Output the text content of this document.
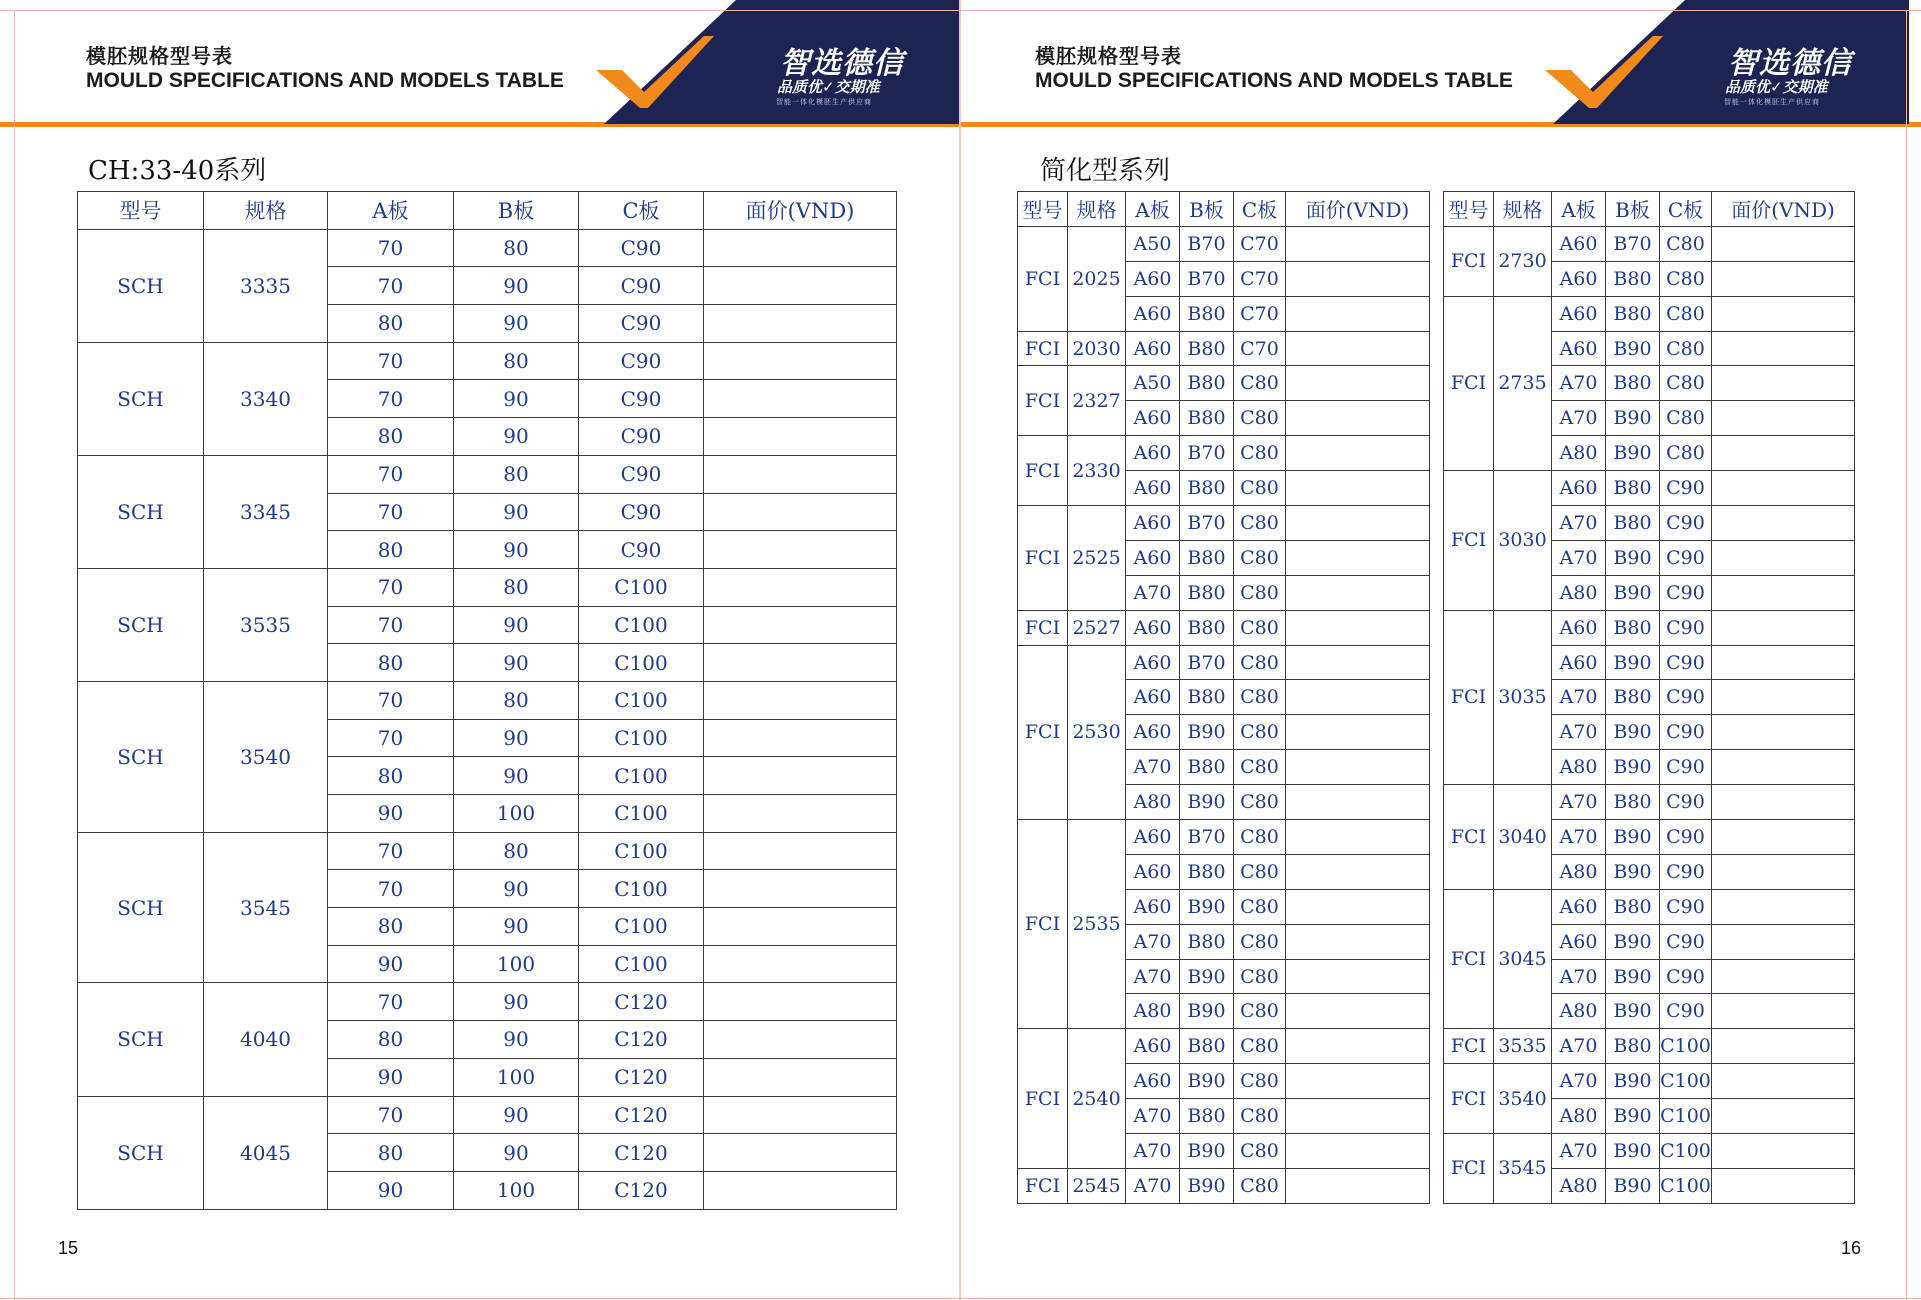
模胚规格型号表
MOULD SPECIFICATIONS AND MODELS TABLE	智选德信
品质优✓交期准
智能一体化模胚生产供应商
CH:33-40系列
型号	规格	A板	B板	C板	面价(VND)
SCH	3335	70	80	C90	
		70	90	C90	
		80	90	C90	
SCH	3340	70	80	C90	
		70	90	C90	
		80	90	C90	
SCH	3345	70	80	C90	
		70	90	C90	
		80	90	C90	
SCH	3535	70	80	C100	
		70	90	C100	
		80	90	C100	
SCH	3540	70	80	C100	
		70	90	C100	
		80	90	C100	
		90	100	C100	
SCH	3545	70	80	C100	
		70	90	C100	
		80	90	C100	
		90	100	C100	
SCH	4040	70	90	C120	
		80	90	C120	
		90	100	C120	
SCH	4045	70	90	C120	
		80	90	C120	
		90	100	C120	
15
模胚规格型号表
MOULD SPECIFICATIONS AND MODELS TABLE	智选德信
品质优✓交期准
智能一体化模胚生产供应商
简化型系列
型号	规格	A板	B板	C板	面价(VND)
FCI	2025	A50	B70	C70	
		A60	B70	C70	
		A60	B80	C70	
FCI	2030	A60	B80	C70	
FCI	2327	A50	B80	C80	
		A60	B80	C80	
FCI	2330	A60	B70	C80	
		A60	B80	C80	
FCI	2525	A60	B70	C80	
		A60	B80	C80	
		A70	B80	C80	
FCI	2527	A60	B80	C80	
FCI	2530	A60	B70	C80	
		A60	B80	C80	
		A60	B90	C80	
		A70	B80	C80	
		A80	B90	C80	
FCI	2535	A60	B70	C80	
		A60	B80	C80	
		A60	B90	C80	
		A70	B80	C80	
		A70	B90	C80	
		A80	B90	C80	
FCI	2540	A60	B80	C80	
		A60	B90	C80	
		A70	B80	C80	
		A70	B90	C80	
FCI	2545	A70	B90	C80	
型号	规格	A板	B板	C板	面价(VND)
FCI	2730	A60	B70	C80	
		A60	B80	C80	
FCI	2735	A60	B80	C80	
		A60	B90	C80	
		A70	B80	C80	
		A70	B90	C80	
		A80	B90	C80	
FCI	3030	A60	B80	C90	
		A70	B80	C90	
		A70	B90	C90	
		A80	B90	C90	
FCI	3035	A60	B80	C90	
		A60	B90	C90	
		A70	B80	C90	
		A70	B90	C90	
		A80	B90	C90	
FCI	3040	A70	B80	C90	
		A70	B90	C90	
		A80	B90	C90	
FCI	3045	A60	B80	C90	
		A60	B90	C90	
		A70	B90	C90	
		A80	B90	C90	
FCI	3535	A70	B80	C100	
FCI	3540	A70	B90	C100	
		A80	B90	C100	
FCI	3545	A70	B90	C100	
		A80	B90	C100	
16
